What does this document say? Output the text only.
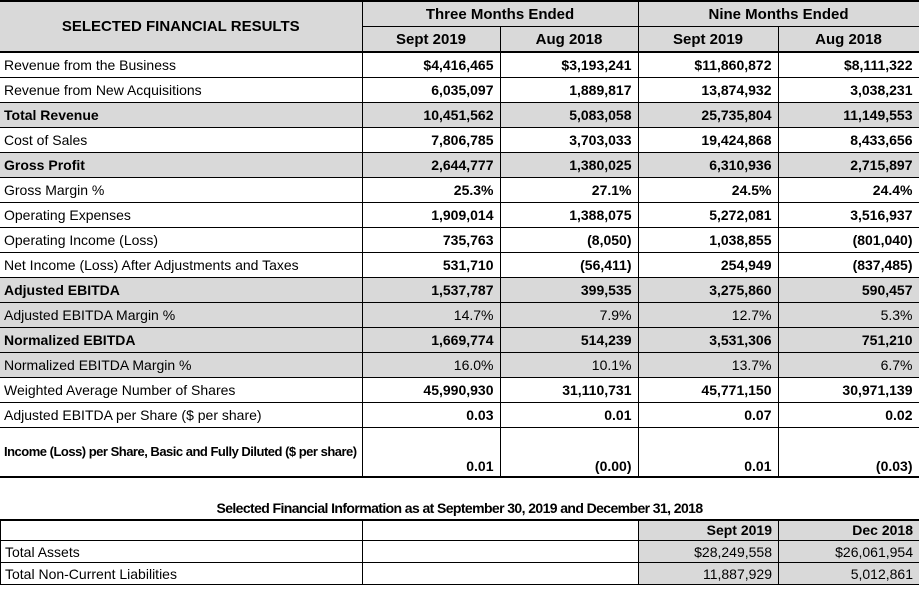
SELECTED FINANCIAL RESULTS	Three Months Ended		Nine Months Ended	
	Sept 2019	Aug 2018	Sept 2019	Aug 2018
Revenue from the Business	$4,416,465	$3,193,241	$11,860,872	$8,111,322
Revenue from New Acquisitions	6,035,097	1,889,817	13,874,932	3,038,231
Total Revenue	10,451,562	5,083,058	25,735,804	11,149,553
Cost of Sales	7,806,785	3,703,033	19,424,868	8,433,656
Gross Profit	2,644,777	1,380,025	6,310,936	2,715,897
Gross Margin %	25.3%	27.1%	24.5%	24.4%
Operating Expenses	1,909,014	1,388,075	5,272,081	3,516,937
Operating Income (Loss)	735,763	(8,050)	1,038,855	(801,040)
Net Income (Loss) After Adjustments and Taxes	531,710	(56,411)	254,949	(837,485)
Adjusted EBITDA	1,537,787	399,535	3,275,860	590,457
Adjusted EBITDA Margin %	14.7%	7.9%	12.7%	5.3%
Normalized EBITDA	1,669,774	514,239	3,531,306	751,210
Normalized EBITDA Margin %	16.0%	10.1%	13.7%	6.7%
Weighted Average Number of Shares	45,990,930	31,110,731	45,771,150	30,971,139
Adjusted EBITDA per Share ($ per share)	0.03	0.01	0.07	0.02
Income (Loss) per Share, Basic and Fully Diluted ($ per share)	0.01	(0.00)	0.01	(0.03)
Selected Financial Information as at September 30, 2019 and December 31, 2018
		Sept 2019	Dec 2018
Total Assets		$28,249,558	$26,061,954
Total Non-Current Liabilities		11,887,929	5,012,861
